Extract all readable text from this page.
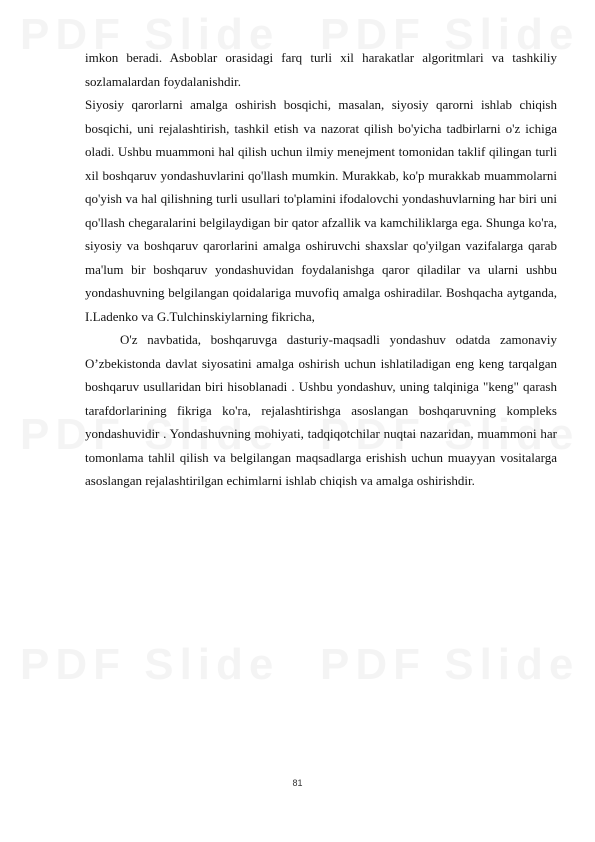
imkon beradi. Asboblar orasidagi farq turli xil harakatlar algoritmlari va tashkiliy sozlamalardan foydalanishdir.

Siyosiy qarorlarni amalga oshirish bosqichi, masalan, siyosiy qarorni ishlab chiqish bosqichi, uni rejalashtirish, tashkil etish va nazorat qilish bo'yicha tadbirlarni o'z ichiga oladi. Ushbu muammoni hal qilish uchun ilmiy menejment tomonidan taklif qilingan turli xil boshqaruv yondashuvlarini qo'llash mumkin. Murakkab, ko'p murakkab muammolarni qo'yish va hal qilishning turli usullari to'plamini ifodalovchi yondashuvlarning har biri uni qo'llash chegaralarini belgilaydigan bir qator afzallik va kamchiliklarga ega. Shunga ko'ra, siyosiy va boshqaruv qarorlarini amalga oshiruvchi shaxslar qo'yilgan vazifalarga qarab ma'lum bir boshqaruv yondashuvidan foydalanishga qaror qiladilar va ularni ushbu yondashuvning belgilangan qoidalariga muvofiq amalga oshiradilar. Boshqacha aytganda, I.Ladenko va G.Tulchinskiylarning fikricha,

O'z navbatida, boshqaruvga dasturiy-maqsadli yondashuv odatda zamonaviy O’zbekistonda davlat siyosatini amalga oshirish uchun ishlatiladigan eng keng tarqalgan boshqaruv usullaridan biri hisoblanadi . Ushbu yondashuv, uning talqiniga "keng" qarash tarafdorlarining fikriga ko'ra, rejalashtirishga asoslangan boshqaruvning kompleks yondashuvidir . Yondashuvning mohiyati, tadqiqotchilar nuqtai nazaridan, muammoni har tomonlama tahlil qilish va belgilangan maqsadlarga erishish uchun muayyan vositalarga asoslangan rejalashtirilgan echimlarni ishlab chiqish va amalga oshirishdir.

81
